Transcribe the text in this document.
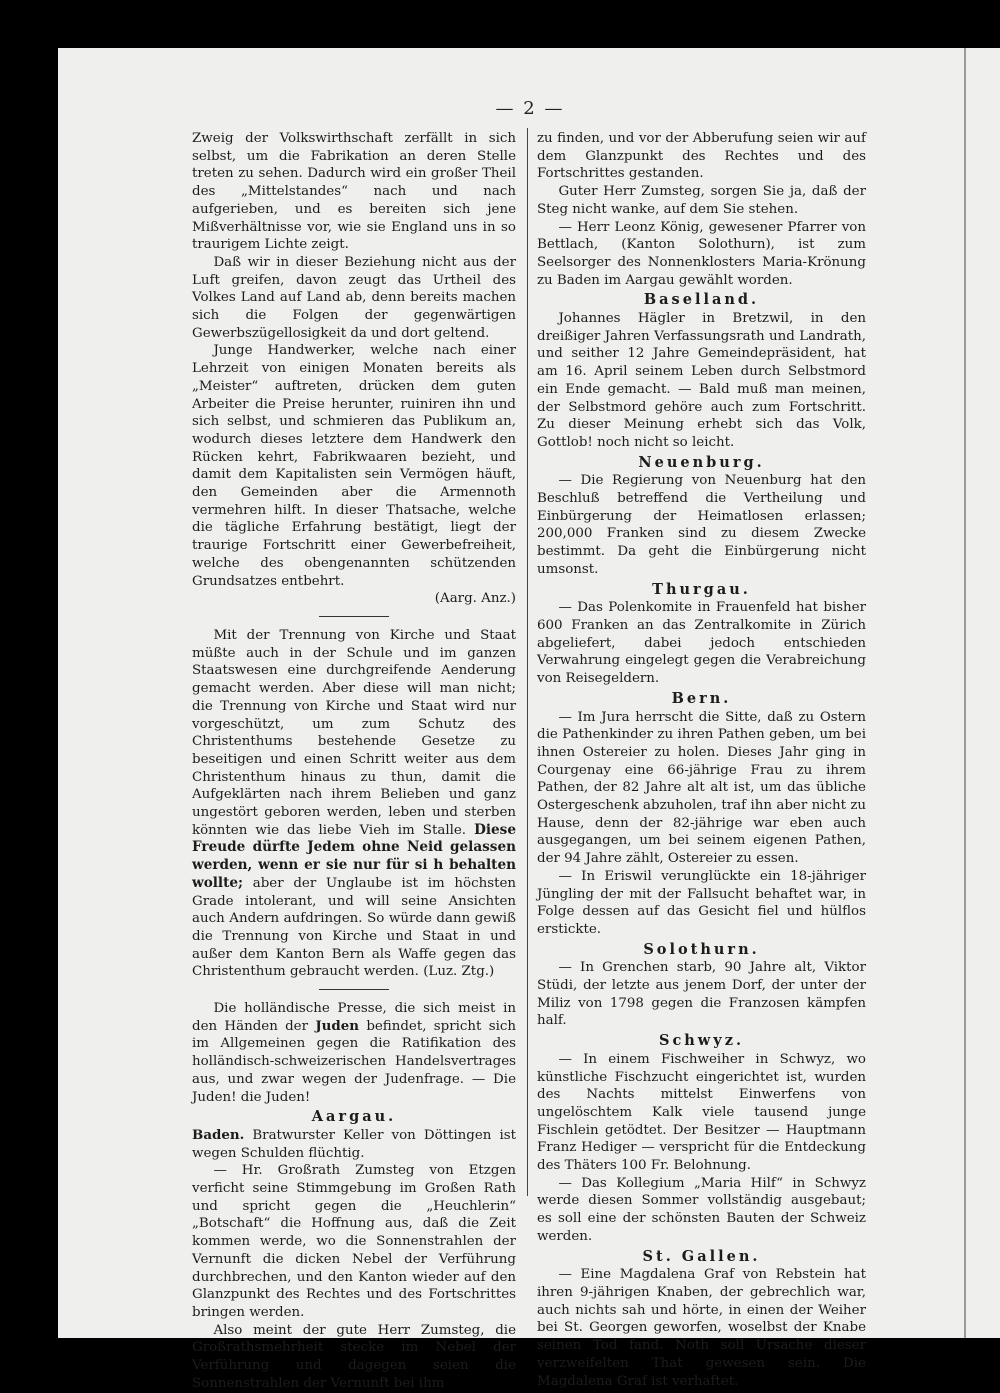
— 2 —

Zweig der Volkswirthschaft zerfällt in sich selbst, um die Fabrikation an deren Stelle treten zu sehen. Dadurch wird ein großer Theil des „Mittelstandes“ nach und nach aufgerieben, und es bereiten sich jene Mißverhältnisse vor, wie sie England uns in so traurigem Lichte zeigt.

Daß wir in dieser Beziehung nicht aus der Luft greifen, davon zeugt das Urtheil des Volkes Land auf Land ab, denn bereits machen sich die Folgen der gegenwärtigen Gewerbszügellosigkeit da und dort geltend.

Junge Handwerker, welche nach einer Lehrzeit von einigen Monaten bereits als „Meister“ auftreten, drücken dem guten Arbeiter die Preise herunter, ruiniren ihn und sich selbst, und schmieren das Publikum an, wodurch dieses letztere dem Handwerk den Rücken kehrt, Fabrikwaaren bezieht, und damit dem Kapitalisten sein Vermögen häuft, den Gemeinden aber die Armennoth vermehren hilft. In dieser Thatsache, welche die tägliche Erfahrung bestätigt, liegt der traurige Fortschritt einer Gewerbefreiheit, welche des obengenannten schützenden Grundsatzes entbehrt.

(Aarg. Anz.)

Mit der Trennung von Kirche und Staat müßte auch in der Schule und im ganzen Staatswesen eine durchgreifende Aenderung gemacht werden. Aber diese will man nicht; die Trennung von Kirche und Staat wird nur vorgeschützt, um zum Schutz des Christenthums bestehende Gesetze zu beseitigen und einen Schritt weiter aus dem Christenthum hinaus zu thun, damit die Aufgeklärten nach ihrem Belieben und ganz ungestört geboren werden, leben und sterben könnten wie das liebe Vieh im Stalle. Diese Freude dürfte Jedem ohne Neid gelassen werden, wenn er sie nur für si h behalten wollte; aber der Unglaube ist im höchsten Grade intolerant, und will seine Ansichten auch Andern aufdringen. So würde dann gewiß die Trennung von Kirche und Staat in und außer dem Kanton Bern als Waffe gegen das Christenthum gebraucht werden. (Luz. Ztg.)

Die holländische Presse, die sich meist in den Händen der Juden befindet, spricht sich im Allgemeinen gegen die Ratifikation des holländisch-schweizerischen Handelsvertrages aus, und zwar wegen der Judenfrage. — Die Juden! die Juden!

Aargau.

Baden. Bratwurster Keller von Döttingen ist wegen Schulden flüchtig.

— Hr. Großrath Zumsteg von Etzgen verficht seine Stimmgebung im Großen Rath und spricht gegen die „Heuchlerin“ „Botschaft“ die Hoffnung aus, daß die Zeit kommen werde, wo die Sonnenstrahlen der Vernunft die dicken Nebel der Verführung durchbrechen, und den Kanton wieder auf den Glanzpunkt des Rechtes und des Fortschrittes bringen werden.

Also meint der gute Herr Zumsteg, die Großrathsmehrheit stecke im Nebel der Verführung und dagegen seien die Sonnenstrahlen der Vernunft bei ihm

zu finden, und vor der Abberufung seien wir auf dem Glanzpunkt des Rechtes und des Fortschrittes gestanden.

Guter Herr Zumsteg, sorgen Sie ja, daß der Steg nicht wanke, auf dem Sie stehen.

— Herr Leonz König, gewesener Pfarrer von Bettlach, (Kanton Solothurn), ist zum Seelsorger des Nonnenklosters Maria-Krönung zu Baden im Aargau gewählt worden.

Baselland.

Johannes Hägler in Bretzwil, in den dreißiger Jahren Verfassungsrath und Landrath, und seither 12 Jahre Gemeindepräsident, hat am 16. April seinem Leben durch Selbstmord ein Ende gemacht. — Bald muß man meinen, der Selbstmord gehöre auch zum Fortschritt. Zu dieser Meinung erhebt sich das Volk, Gottlob! noch nicht so leicht.

Neuenburg.

— Die Regierung von Neuenburg hat den Beschluß betreffend die Vertheilung und Einbürgerung der Heimatlosen erlassen; 200,000 Franken sind zu diesem Zwecke bestimmt. Da geht die Einbürgerung nicht umsonst.

Thurgau.

— Das Polenkomite in Frauenfeld hat bisher 600 Franken an das Zentralkomite in Zürich abgeliefert, dabei jedoch entschieden Verwahrung eingelegt gegen die Verabreichung von Reisegeldern.

Bern.

— Im Jura herrscht die Sitte, daß zu Ostern die Pathenkinder zu ihren Pathen geben, um bei ihnen Ostereier zu holen. Dieses Jahr ging in Courgenay eine 66-jährige Frau zu ihrem Pathen, der 82 Jahre alt alt ist, um das übliche Ostergeschenk abzuholen, traf ihn aber nicht zu Hause, denn der 82-jährige war eben auch ausgegangen, um bei seinem eigenen Pathen, der 94 Jahre zählt, Ostereier zu essen.

— In Eriswil verunglückte ein 18-jähriger Jüngling der mit der Fallsucht behaftet war, in Folge dessen auf das Gesicht fiel und hülflos erstickte.

Solothurn.

— In Grenchen starb, 90 Jahre alt, Viktor Stüdi, der letzte aus jenem Dorf, der unter der Miliz von 1798 gegen die Franzosen kämpfen half.

Schwyz.

— In einem Fischweiher in Schwyz, wo künstliche Fischzucht eingerichtet ist, wurden des Nachts mittelst Einwerfens von ungelöschtem Kalk viele tausend junge Fischlein getödtet. Der Besitzer — Hauptmann Franz Hediger — verspricht für die Entdeckung des Thäters 100 Fr. Belohnung.

— Das Kollegium „Maria Hilf“ in Schwyz werde diesen Sommer vollständig ausgebaut; es soll eine der schönsten Bauten der Schweiz werden.

St. Gallen.

— Eine Magdalena Graf von Rebstein hat ihren 9-jährigen Knaben, der gebrechlich war, auch nichts sah und hörte, in einen der Weiher bei St. Georgen geworfen, woselbst der Knabe seinen Tod fand. Noth soll Ursache dieser verzweifelten That gewesen sein. Die Magdalena Graf ist verhaftet.
